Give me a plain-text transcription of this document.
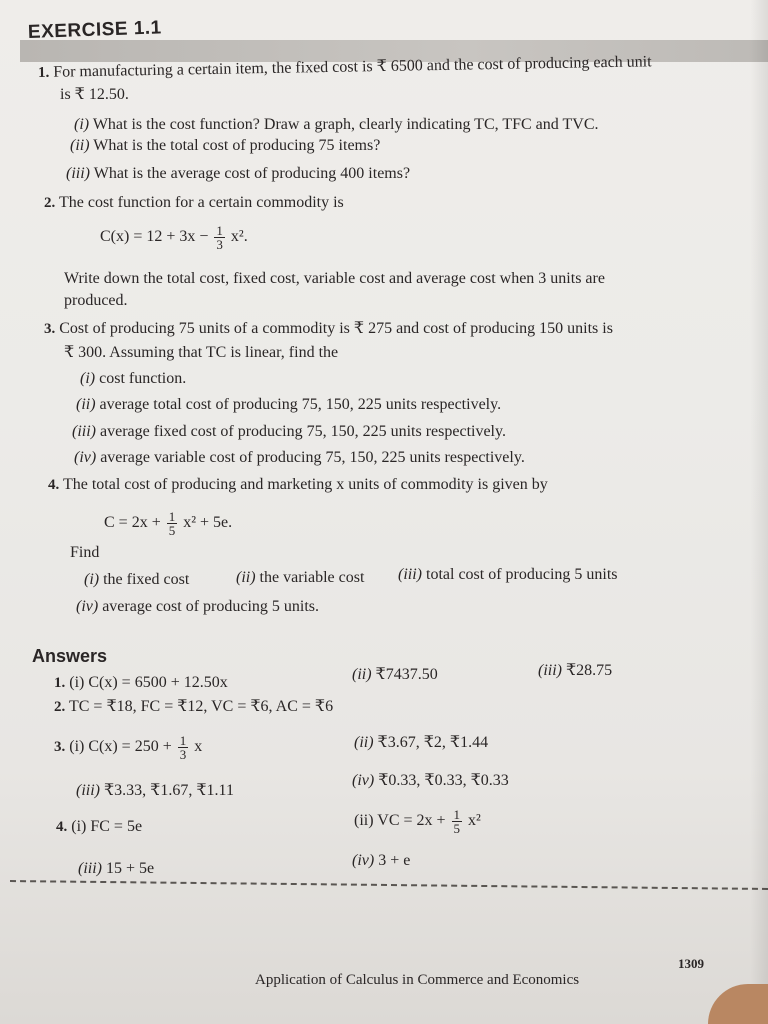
EXERCISE 1.1
1. For manufacturing a certain item, the fixed cost is ₹ 6500 and the cost of producing each unit
is ₹ 12.50.
(i) What is the cost function? Draw a graph, clearly indicating TC, TFC and TVC.
(ii) What is the total cost of producing 75 items?
(iii) What is the average cost of producing 400 items?
2. The cost function for a certain commodity is
$C(x) = 12 + 3x - \frac{1}{3} x^2$.
Write down the total cost, fixed cost, variable cost and average cost when 3 units are
produced.
3. Cost of producing 75 units of a commodity is ₹ 275 and cost of producing 150 units is
₹ 300. Assuming that TC is linear, find the
(i) cost function.
(ii) average total cost of producing 75, 150, 225 units respectively.
(iii) average fixed cost of producing 75, 150, 225 units respectively.
(iv) average variable cost of producing 75, 150, 225 units respectively.
4. The total cost of producing and marketing x units of commodity is given by
$C = 2x + \frac{1}{5} x^2 + 5e$.
Find
(i) the fixed cost	(ii) the variable cost (iii) total cost of producing 5 units
(iv) average cost of producing 5 units.
Answers
1. (i) C(x) = 6500 + 12.50x	(ii) ₹7437.50	(iii) ₹28.75
2. TC = ₹18, FC = ₹12, VC = ₹6, AC = ₹6
3. (i) $C(x) = 250 + \frac{1}{3}$ x	(ii) ₹3.67, ₹2, ₹1.44
(iii) ₹3.33, ₹1.67, ₹1.11
(iv) ₹0.33, ₹0.33, ₹0.33
4. (i) FC = 5e	(ii) VC = $2x + \frac{1}{5} x^2$
(iii) 15 + 5e	(iv) 3 + e
1309
Application of Calculus in Commerce and Economics
